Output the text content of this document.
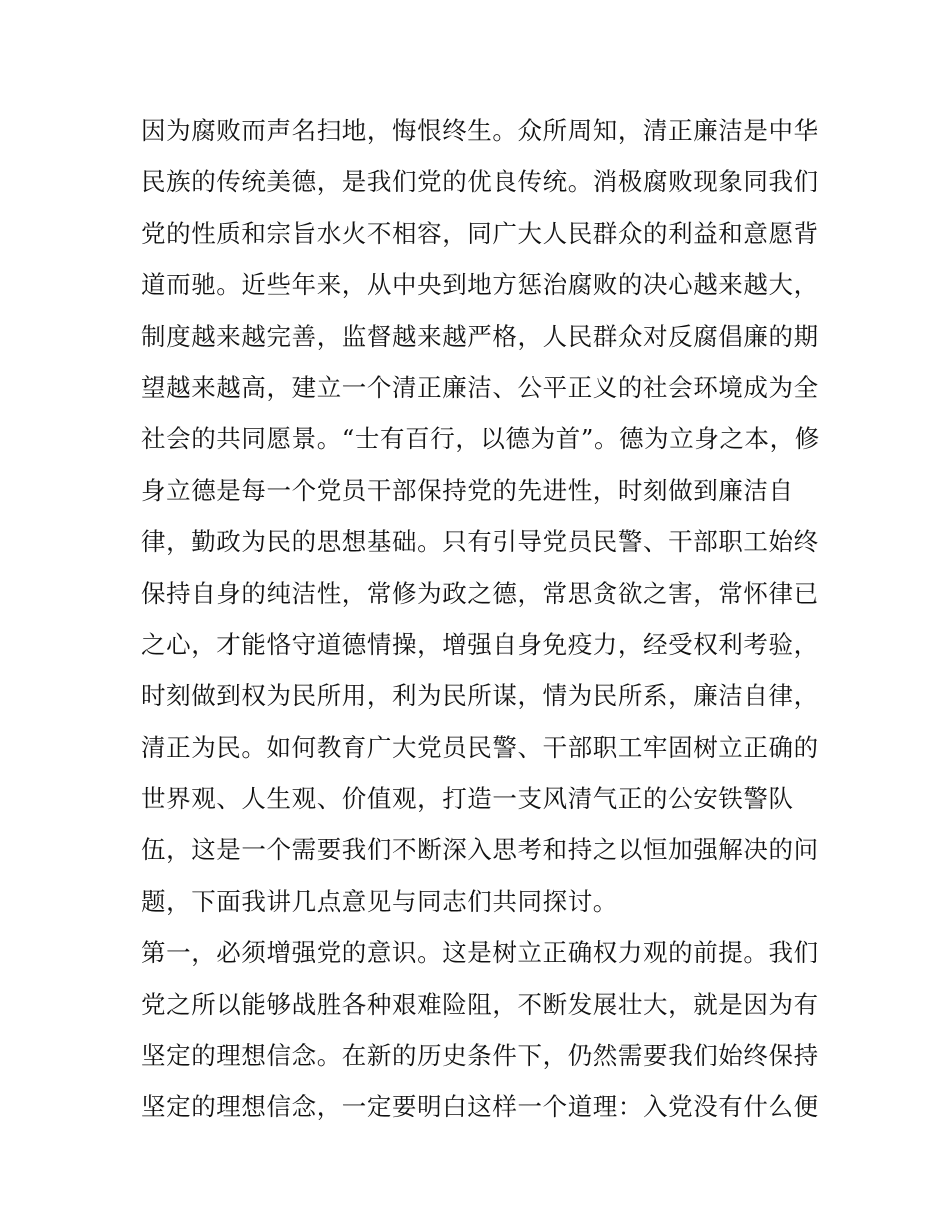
因为腐败而声名扫地，悔恨终生。众所周知，清正廉洁是中华
民族的传统美德，是我们党的优良传统。消极腐败现象同我们
党的性质和宗旨水火不相容，同广大人民群众的利益和意愿背
道而驰。近些年来，从中央到地方惩治腐败的决心越来越大，
制度越来越完善，监督越来越严格，人民群众对反腐倡廉的期
望越来越高，建立一个清正廉洁、公平正义的社会环境成为全
社会的共同愿景。“士有百行，以德为首”。德为立身之本，修
身立德是每一个党员干部保持党的先进性，时刻做到廉洁自
律，勤政为民的思想基础。只有引导党员民警、干部职工始终
保持自身的纯洁性，常修为政之德，常思贪欲之害，常怀律已
之心，才能恪守道德情操，增强自身免疫力，经受权利考验，
时刻做到权为民所用，利为民所谋，情为民所系，廉洁自律，
清正为民。如何教育广大党员民警、干部职工牢固树立正确的
世界观、人生观、价值观，打造一支风清气正的公安铁警队
伍，这是一个需要我们不断深入思考和持之以恒加强解决的问
题，下面我讲几点意见与同志们共同探讨。
第一，必须增强党的意识。这是树立正确权力观的前提。我们
党之所以能够战胜各种艰难险阻，不断发展壮大，就是因为有
坚定的理想信念。在新的历史条件下，仍然需要我们始终保持
坚定的理想信念，一定要明白这样一个道理：入党没有什么便
